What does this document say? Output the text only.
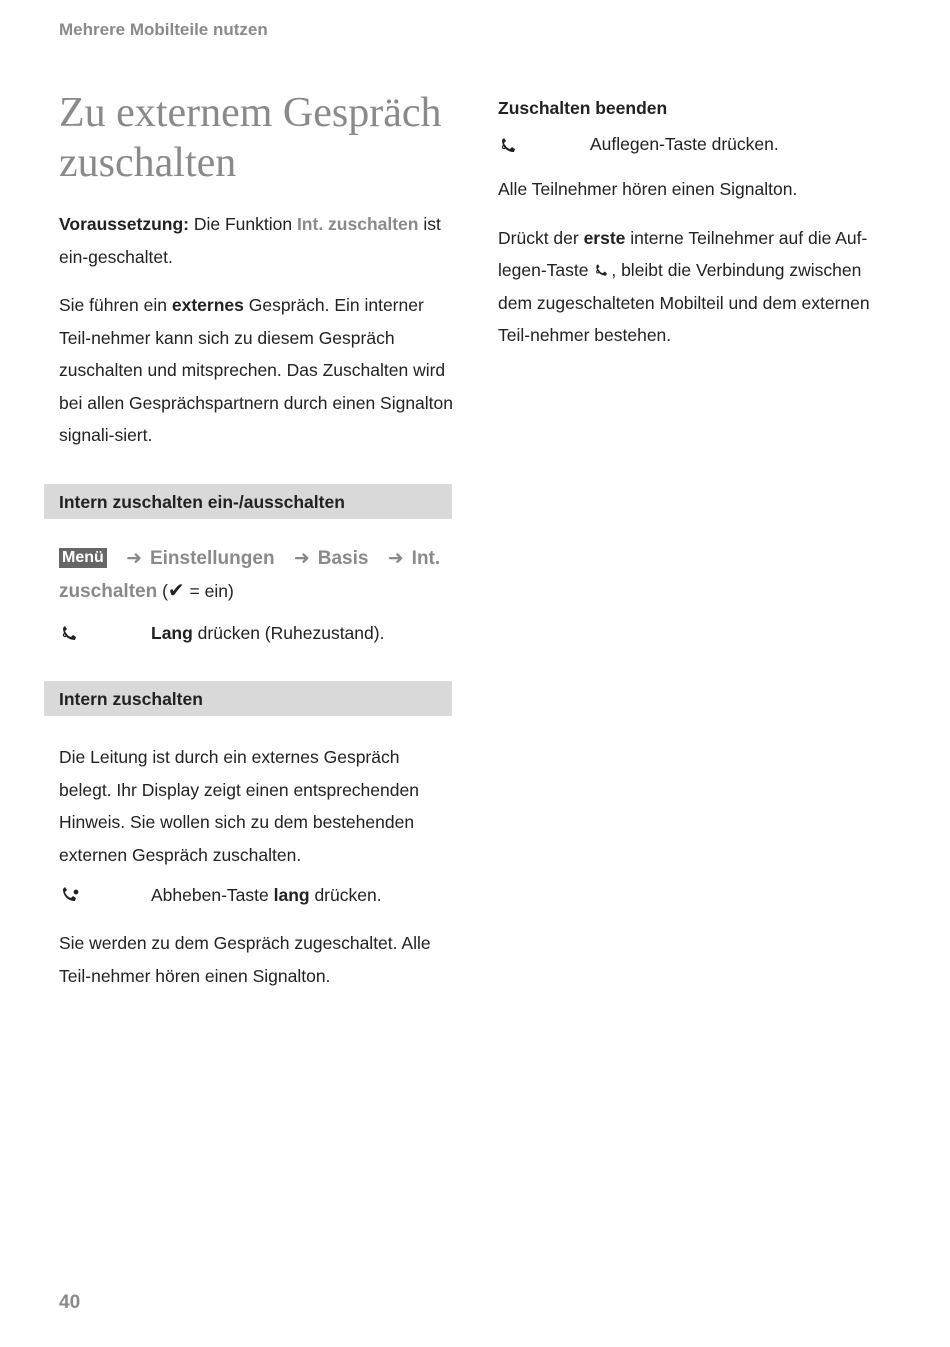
Mehrere Mobilteile nutzen
Zu externem Gespräch zuschalten

Voraussetzung: Die Funktion Int. zuschalten ist ein-geschaltet.

Sie führen ein externes Gespräch. Ein interner Teil-nehmer kann sich zu diesem Gespräch zuschalten und mitsprechen. Das Zuschalten wird bei allen Gesprächspartnern durch einen Signalton signali-siert.

Intern zuschalten ein-/ausschalten
Menü ➜ Einstellungen ➜ Basis ➜ Int. zuschalten (✔ = ein)
Lang drücken (Ruhezustand).
Intern zuschalten

Die Leitung ist durch ein externes Gespräch belegt. Ihr Display zeigt einen entsprechenden Hinweis. Sie wollen sich zu dem bestehenden externen Gespräch zuschalten.

Abheben-Taste lang drücken.

Sie werden zu dem Gespräch zugeschaltet. Alle Teil-nehmer hören einen Signalton.

Zuschalten beenden
Auflegen-Taste drücken.

Alle Teilnehmer hören einen Signalton.

Drückt der erste interne Teilnehmer auf die Auf-legen-Taste , bleibt die Verbindung zwischen dem zugeschalteten Mobilteil und dem externen Teil-nehmer bestehen.

40
